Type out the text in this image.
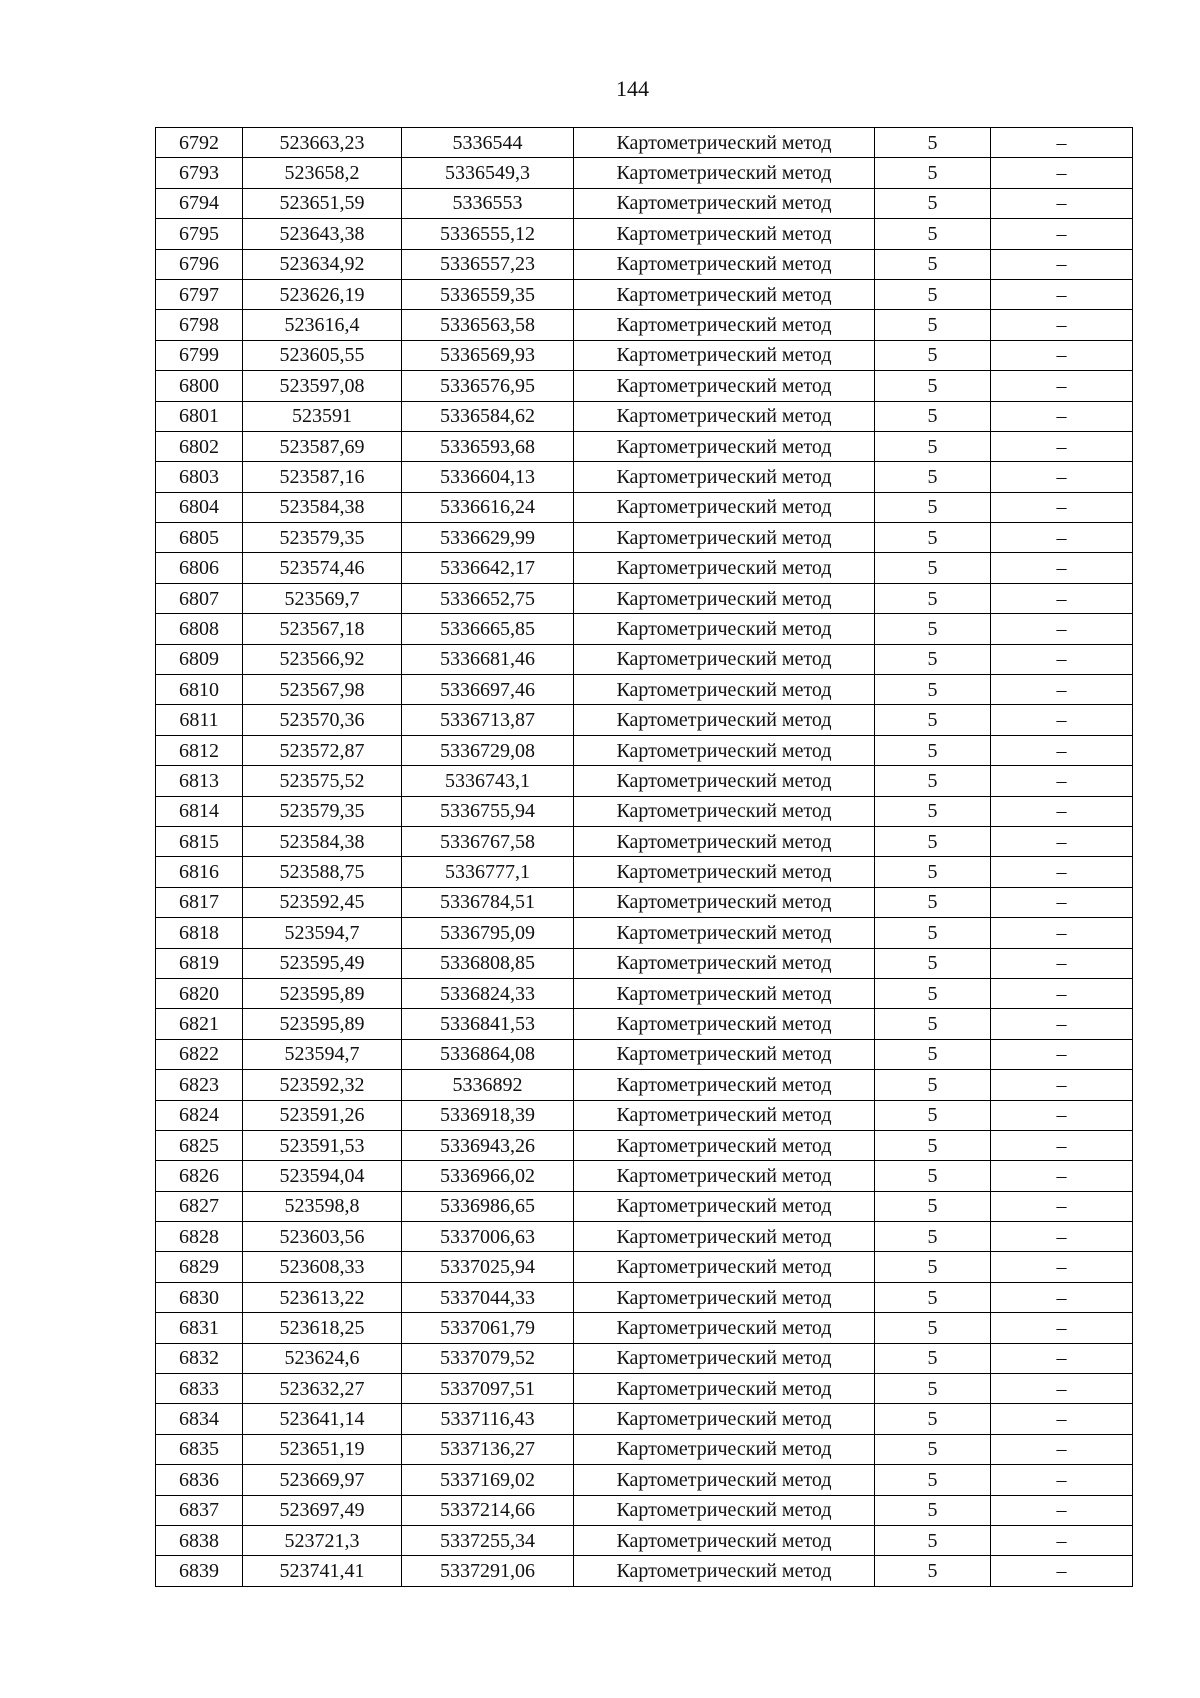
144
6792	523663,23	5336544	Картометрический метод	5	–
6793	523658,2	5336549,3	Картометрический метод	5	–
6794	523651,59	5336553	Картометрический метод	5	–
6795	523643,38	5336555,12	Картометрический метод	5	–
6796	523634,92	5336557,23	Картометрический метод	5	–
6797	523626,19	5336559,35	Картометрический метод	5	–
6798	523616,4	5336563,58	Картометрический метод	5	–
6799	523605,55	5336569,93	Картометрический метод	5	–
6800	523597,08	5336576,95	Картометрический метод	5	–
6801	523591	5336584,62	Картометрический метод	5	–
6802	523587,69	5336593,68	Картометрический метод	5	–
6803	523587,16	5336604,13	Картометрический метод	5	–
6804	523584,38	5336616,24	Картометрический метод	5	–
6805	523579,35	5336629,99	Картометрический метод	5	–
6806	523574,46	5336642,17	Картометрический метод	5	–
6807	523569,7	5336652,75	Картометрический метод	5	–
6808	523567,18	5336665,85	Картометрический метод	5	–
6809	523566,92	5336681,46	Картометрический метод	5	–
6810	523567,98	5336697,46	Картометрический метод	5	–
6811	523570,36	5336713,87	Картометрический метод	5	–
6812	523572,87	5336729,08	Картометрический метод	5	–
6813	523575,52	5336743,1	Картометрический метод	5	–
6814	523579,35	5336755,94	Картометрический метод	5	–
6815	523584,38	5336767,58	Картометрический метод	5	–
6816	523588,75	5336777,1	Картометрический метод	5	–
6817	523592,45	5336784,51	Картометрический метод	5	–
6818	523594,7	5336795,09	Картометрический метод	5	–
6819	523595,49	5336808,85	Картометрический метод	5	–
6820	523595,89	5336824,33	Картометрический метод	5	–
6821	523595,89	5336841,53	Картометрический метод	5	–
6822	523594,7	5336864,08	Картометрический метод	5	–
6823	523592,32	5336892	Картометрический метод	5	–
6824	523591,26	5336918,39	Картометрический метод	5	–
6825	523591,53	5336943,26	Картометрический метод	5	–
6826	523594,04	5336966,02	Картометрический метод	5	–
6827	523598,8	5336986,65	Картометрический метод	5	–
6828	523603,56	5337006,63	Картометрический метод	5	–
6829	523608,33	5337025,94	Картометрический метод	5	–
6830	523613,22	5337044,33	Картометрический метод	5	–
6831	523618,25	5337061,79	Картометрический метод	5	–
6832	523624,6	5337079,52	Картометрический метод	5	–
6833	523632,27	5337097,51	Картометрический метод	5	–
6834	523641,14	5337116,43	Картометрический метод	5	–
6835	523651,19	5337136,27	Картометрический метод	5	–
6836	523669,97	5337169,02	Картометрический метод	5	–
6837	523697,49	5337214,66	Картометрический метод	5	–
6838	523721,3	5337255,34	Картометрический метод	5	–
6839	523741,41	5337291,06	Картометрический метод	5	–
